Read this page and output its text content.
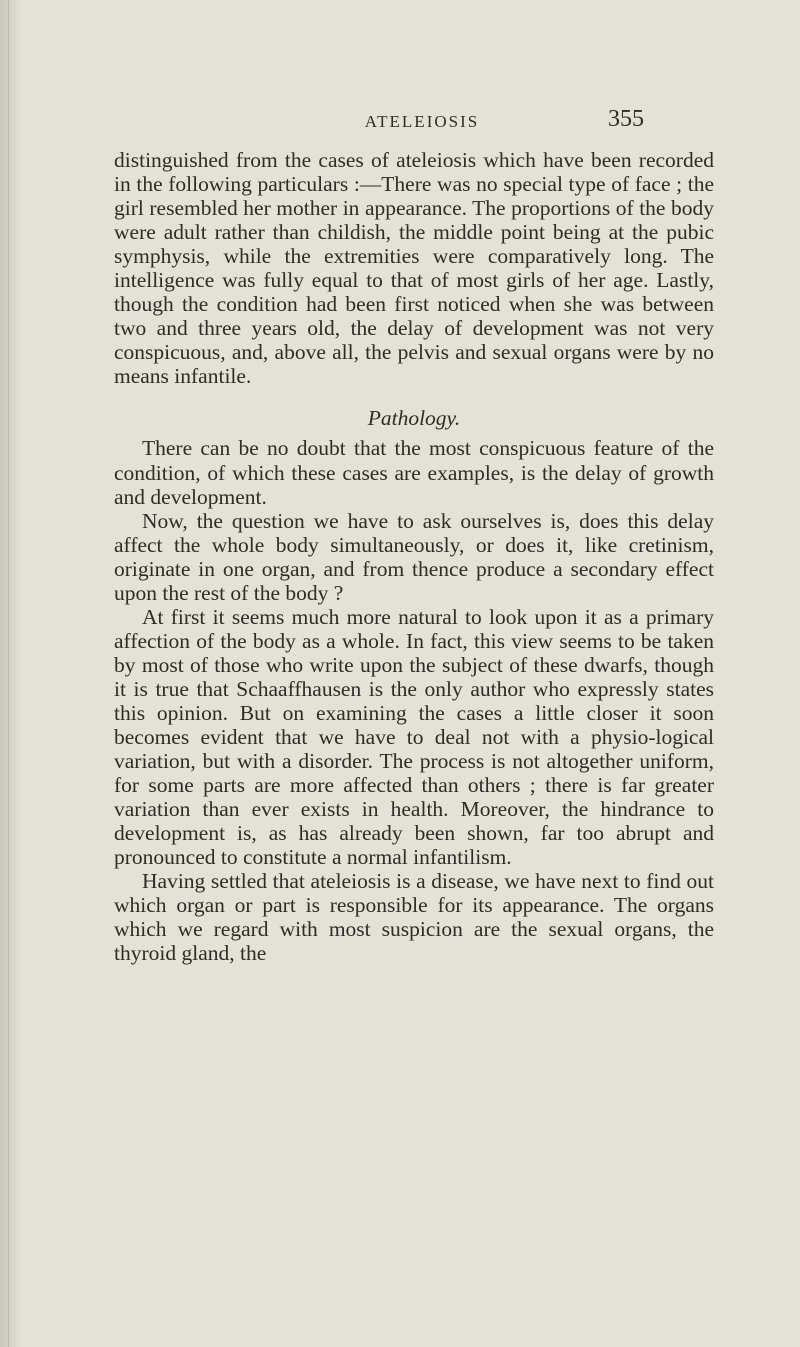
ATELEIOSIS	355

distinguished from the cases of ateleiosis which have been recorded in the following particulars :—There was no special type of face ; the girl resembled her mother in appearance. The proportions of the body were adult rather than childish, the middle point being at the pubic symphysis, while the extremities were comparatively long. The intelligence was fully equal to that of most girls of her age. Lastly, though the condition had been first noticed when she was between two and three years old, the delay of development was not very conspicuous, and, above all, the pelvis and sexual organs were by no means infantile.

Pathology.

There can be no doubt that the most conspicuous feature of the condition, of which these cases are examples, is the delay of growth and development.

Now, the question we have to ask ourselves is, does this delay affect the whole body simultaneously, or does it, like cretinism, originate in one organ, and from thence produce a secondary effect upon the rest of the body ?

At first it seems much more natural to look upon it as a primary affection of the body as a whole. In fact, this view seems to be taken by most of those who write upon the subject of these dwarfs, though it is true that Schaaffhausen is the only author who expressly states this opinion. But on examining the cases a little closer it soon becomes evident that we have to deal not with a physio-logical variation, but with a disorder. The process is not altogether uniform, for some parts are more affected than others ; there is far greater variation than ever exists in health. Moreover, the hindrance to development is, as has already been shown, far too abrupt and pronounced to constitute a normal infantilism.

Having settled that ateleiosis is a disease, we have next to find out which organ or part is responsible for its appearance. The organs which we regard with most suspicion are the sexual organs, the thyroid gland, the
